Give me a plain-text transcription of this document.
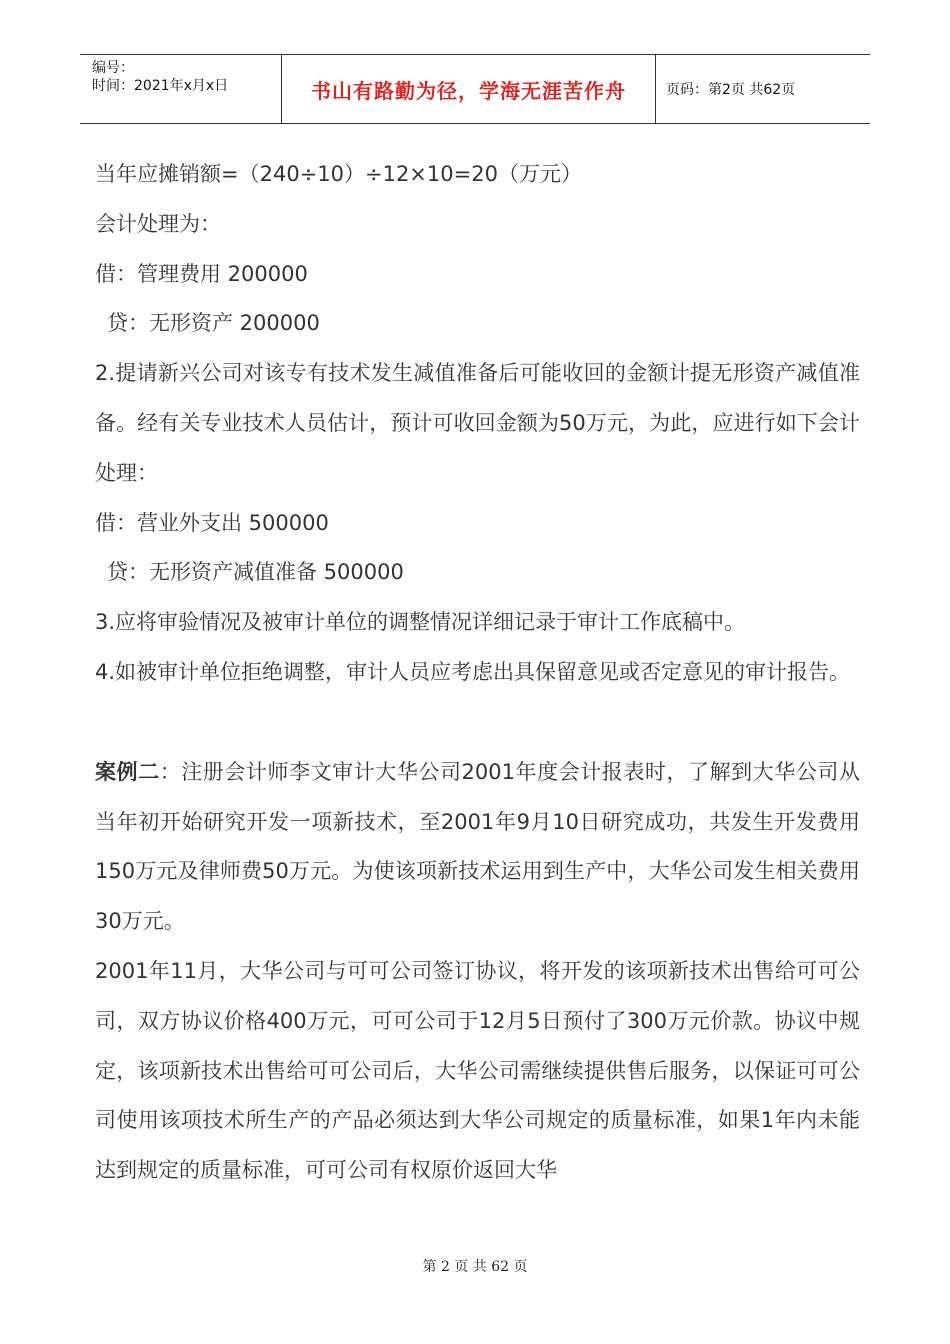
编号：
时间：2021年x月x日	书山有路勤为径，学海无涯苦作舟	页码：第2页 共62页

当年应摊销额=（240÷10）÷12×10=20（万元）

会计处理为：

借：管理费用 200000

贷：无形资产 200000

2.提请新兴公司对该专有技术发生减值准备后可能收回的金额计提无形资产减值准备。经有关专业技术人员估计，预计可收回金额为50万元，为此，应进行如下会计处理：

借：营业外支出 500000

贷：无形资产减值准备 500000

3.应将审验情况及被审计单位的调整情况详细记录于审计工作底稿中。

4.如被审计单位拒绝调整，审计人员应考虑出具保留意见或否定意见的审计报告。

案例二：注册会计师李文审计大华公司2001年度会计报表时，了解到大华公司从当年初开始研究开发一项新技术，至2001年9月10日研究成功，共发生开发费用150万元及律师费50万元。为使该项新技术运用到生产中，大华公司发生相关费用30万元。

2001年11月，大华公司与可可公司签订协议，将开发的该项新技术出售给可可公司，双方协议价格400万元，可可公司于12月5日预付了300万元价款。协议中规定，该项新技术出售给可可公司后，大华公司需继续提供售后服务，以保证可可公司使用该项技术所生产的产品必须达到大华公司规定的质量标准，如果1年内未能达到规定的质量标准，可可公司有权原价返回大华

第 2 页 共 62 页
